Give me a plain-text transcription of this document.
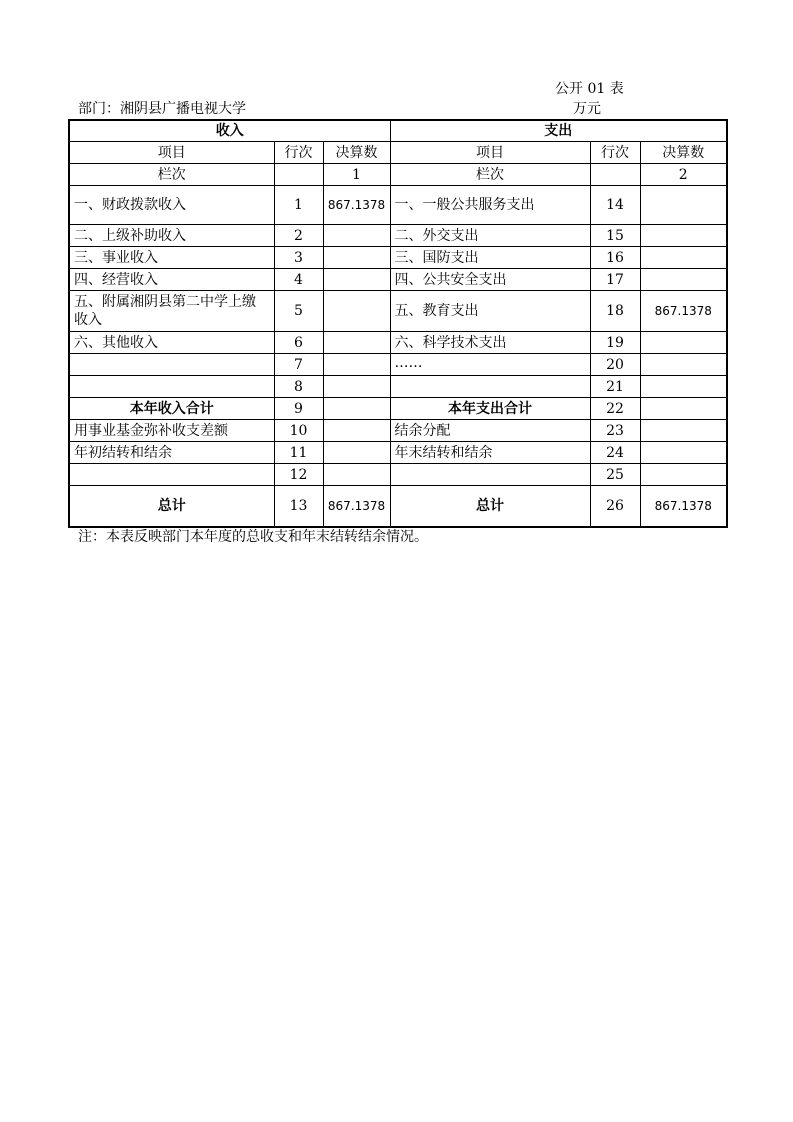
公开 01 表
部门：湘阴县广播电视大学	万元
收入			支出		
项目	行次	决算数	项目	行次	决算数
栏次		1	栏次		2
一、财政拨款收入	1	867.1378	一、一般公共服务支出	14	
二、上级补助收入	2		二、外交支出	15	
三、事业收入	3		三、国防支出	16	
四、经营收入	4		四、公共安全支出	17	
五、附属湘阴县第二中学上缴收入	5		五、教育支出	18	867.1378
六、其他收入	6		六、科学技术支出	19	
	7		……	20	
	8			21	
本年收入合计	9		本年支出合计	22	
用事业基金弥补收支差额	10		结余分配	23	
年初结转和结余	11		年末结转和结余	24	
	12			25	
总计	13	867.1378	总计	26	867.1378
注：本表反映部门本年度的总收支和年末结转结余情况。
